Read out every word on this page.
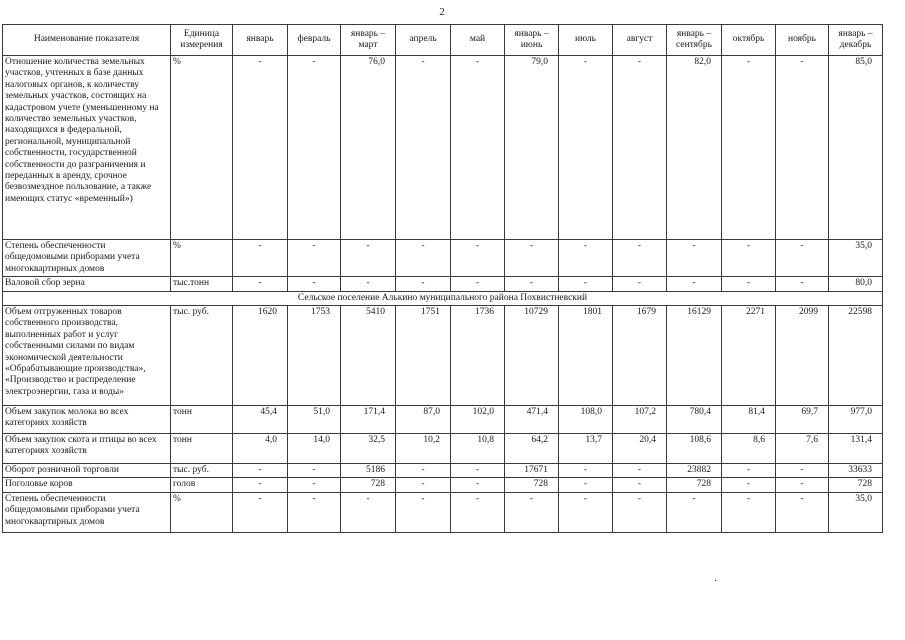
2
Наименование показателя	Единица измерения	январь	февраль	январь – март	апрель	май	январь – июнь	июль	август	январь – сентябрь	октябрь	ноябрь	январь – декабрь
Отношение количества земельных участков, учтенных в базе данных налоговых органов, к количеству земельных участков, состоящих на кадастровом учете (уменьшенному на количество земельных участков, находящихся в федеральной, региональной, муниципальной собственности, государственной собственности до разграничения и переданных в аренду, срочное безвозмездное пользование, а также имеющих статус «временный»)	%	-	-	76,0	-	-	79,0	-	-	82,0	-	-	85,0
Степень обеспеченности общедомовыми приборами учета многоквартирных домов	%	-	-	-	-	-	-	-	-	-	-	-	35,0
Валовой сбор зерна	тыс.тонн	-	-	-	-	-	-	-	-	-	-	-	80,0
Сельское поселение Алькино муниципального района Похвистневский													
Объем отгруженных товаров собственного производства, выполненных работ и услуг собственными силами по видам экономической деятельности «Обрабатывающие производства», «Производство и распределение электроэнергии, газа и воды»	тыс. руб.	1620	1753	5410	1751	1736	10729	1801	1679	16129	2271	2099	22598
Объем закупок молока во всех категориях хозяйств	тонн	45,4	51,0	171,4	87,0	102,0	471,4	108,0	107,2	780,4	81,4	69,7	977,0
Объем закупок скота и птицы во всех категориях хозяйств	тонн	4,0	14,0	32,5	10,2	10,8	64,2	13,7	20,4	108,6	8,6	7,6	131,4
Оборот розничной торговли	тыс. руб.	-	-	5186	-	-	17671	-	-	23882	-	-	33633
Поголовье коров	голов	-	-	728	-	-	728	-	-	728	-	-	728
Степень обеспеченности общедомовыми приборами учета многоквартирных домов	%	-	-	-	-	-	-	-	-	-	-	-	35,0
·
